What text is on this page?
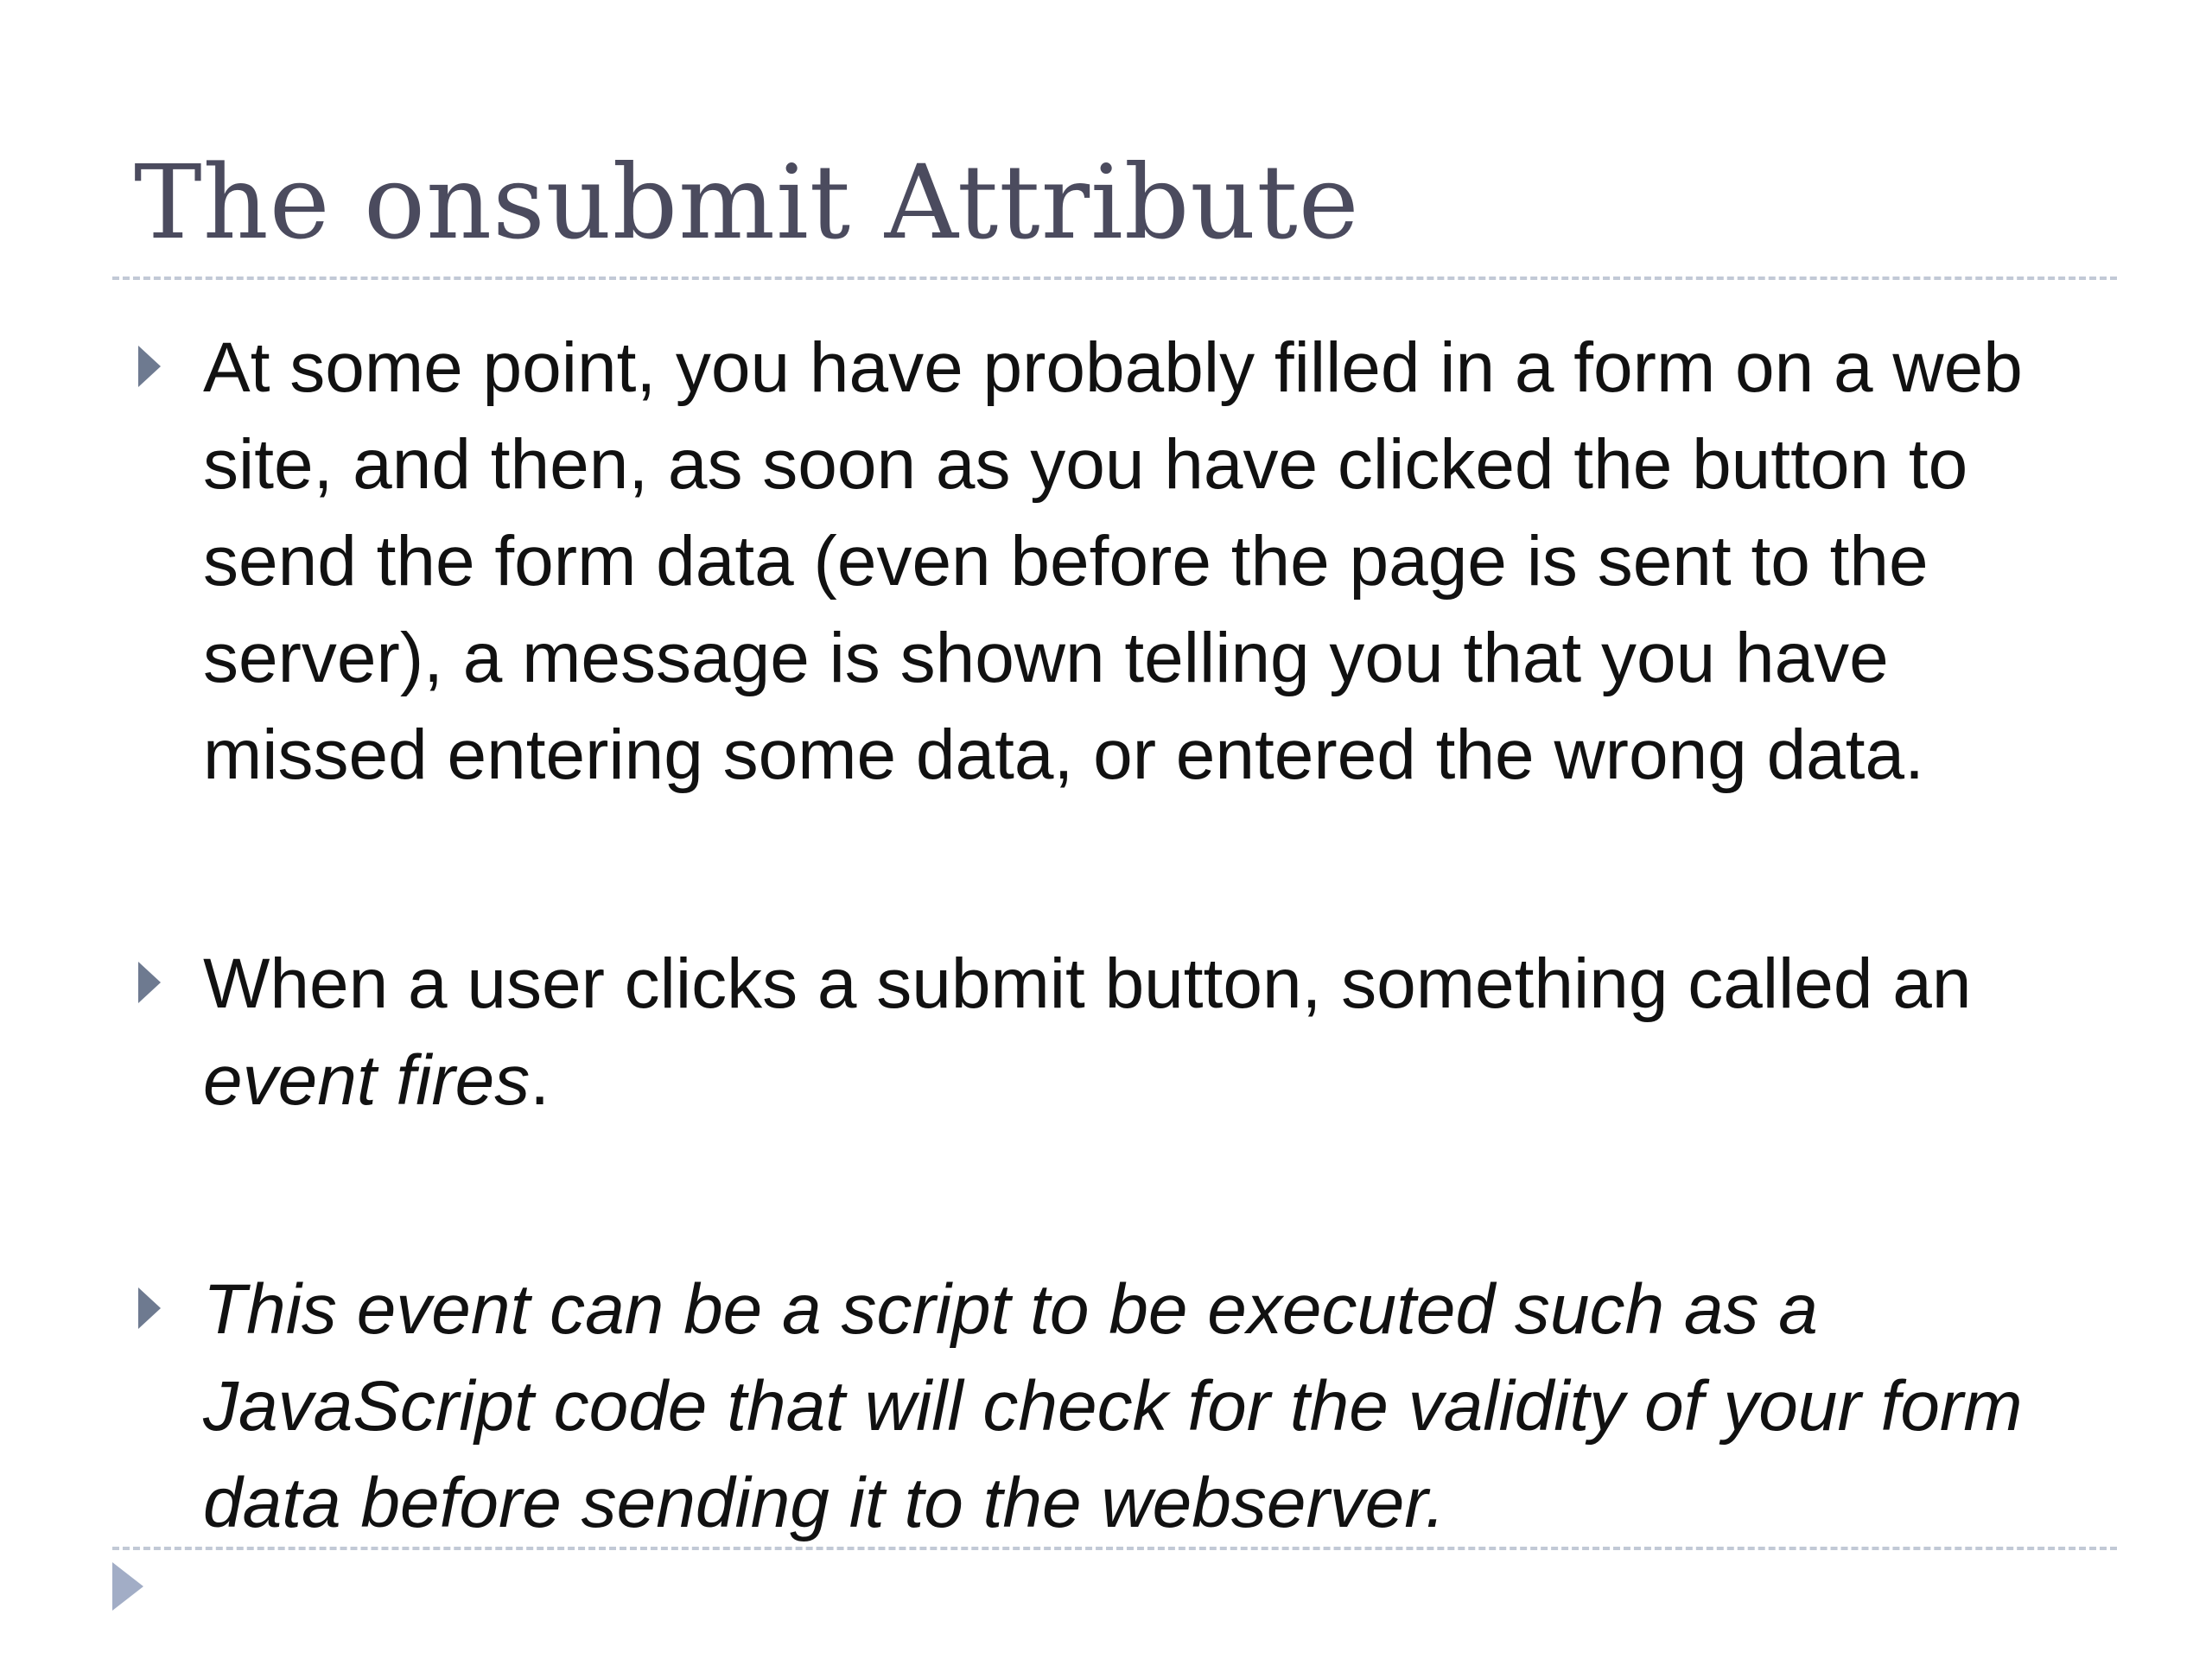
The onsubmit Attribute
At some point, you have probably filled in a form on a web site, and then, as soon as you have clicked the button to send the form data (even before the page is sent to the server), a message is shown telling you that you have missed entering some data, or entered the wrong data.
When a user clicks a submit button, something called an event fires.
This event can be a script to be executed such as a JavaScript code that will check for the validity of your form data before sending it to the webserver.
